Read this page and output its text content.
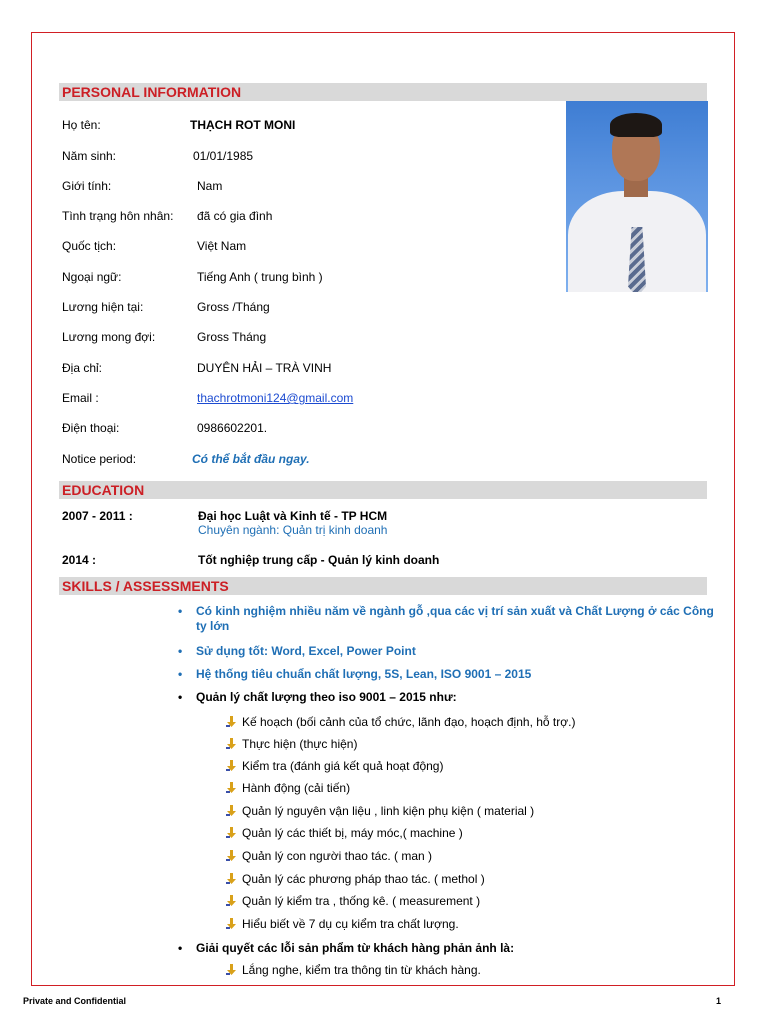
PERSONAL INFORMATION
Họ tên:	THẠCH ROT MONI
Năm sinh:	01/01/1985
Giới tính:	Nam
Tình trạng hôn nhân: đã có gia đình
Quốc tịch:	Việt Nam
Ngoại ngữ:	Tiếng Anh ( trung bình )
Lương hiện tại:	Gross /Tháng
Lương mong đợi:	Gross Tháng
Địa chỉ:	DUYÊN HẢI – TRÀ VINH
Email :	thachrotmoni124@gmail.com
Điện thoại:	0986602201.
Notice period:	Có thể bắt đầu ngay.
EDUCATION
2007 - 2011 :	Đại học Luật và Kinh tế - TP HCM
Chuyên ngành: Quản trị kinh doanh
2014 :	Tốt nghiệp trung cấp - Quản lý kinh doanh
SKILLS / ASSESSMENTS
•	Có kinh nghiệm nhiều năm về ngành gỗ ,qua các vị trí sản xuất và Chất Lượng ở các Công ty lớn
•	Sử dụng tốt: Word, Excel, Power Point
•	Hệ thống tiêu chuẩn chất lượng, 5S, Lean, ISO 9001 – 2015
•	Quản lý chất lượng theo iso 9001 – 2015 như:
Kế hoạch (bối cảnh của tổ chức, lãnh đạo, hoạch định, hỗ trợ.)
Thực hiện (thực hiện)
Kiểm tra (đánh giá kết quả hoạt động)
Hành động (cải tiến)
Quản lý nguyên vận liệu , linh kiện phụ kiện ( material )
Quản lý các thiết bị, máy móc,( machine )
Quản lý con người thao tác. ( man )
Quản lý các phương pháp thao tác. ( methol )
Quản lý kiểm tra , thống kê. ( measurement )
Hiểu biết về 7 dụ cụ kiểm tra chất lượng.
•	Giải quyết các lỗi sản phẩm từ khách hàng phản ảnh là:
Lắng nghe, kiểm tra thông tin từ khách hàng.
Private and Confidential	1
